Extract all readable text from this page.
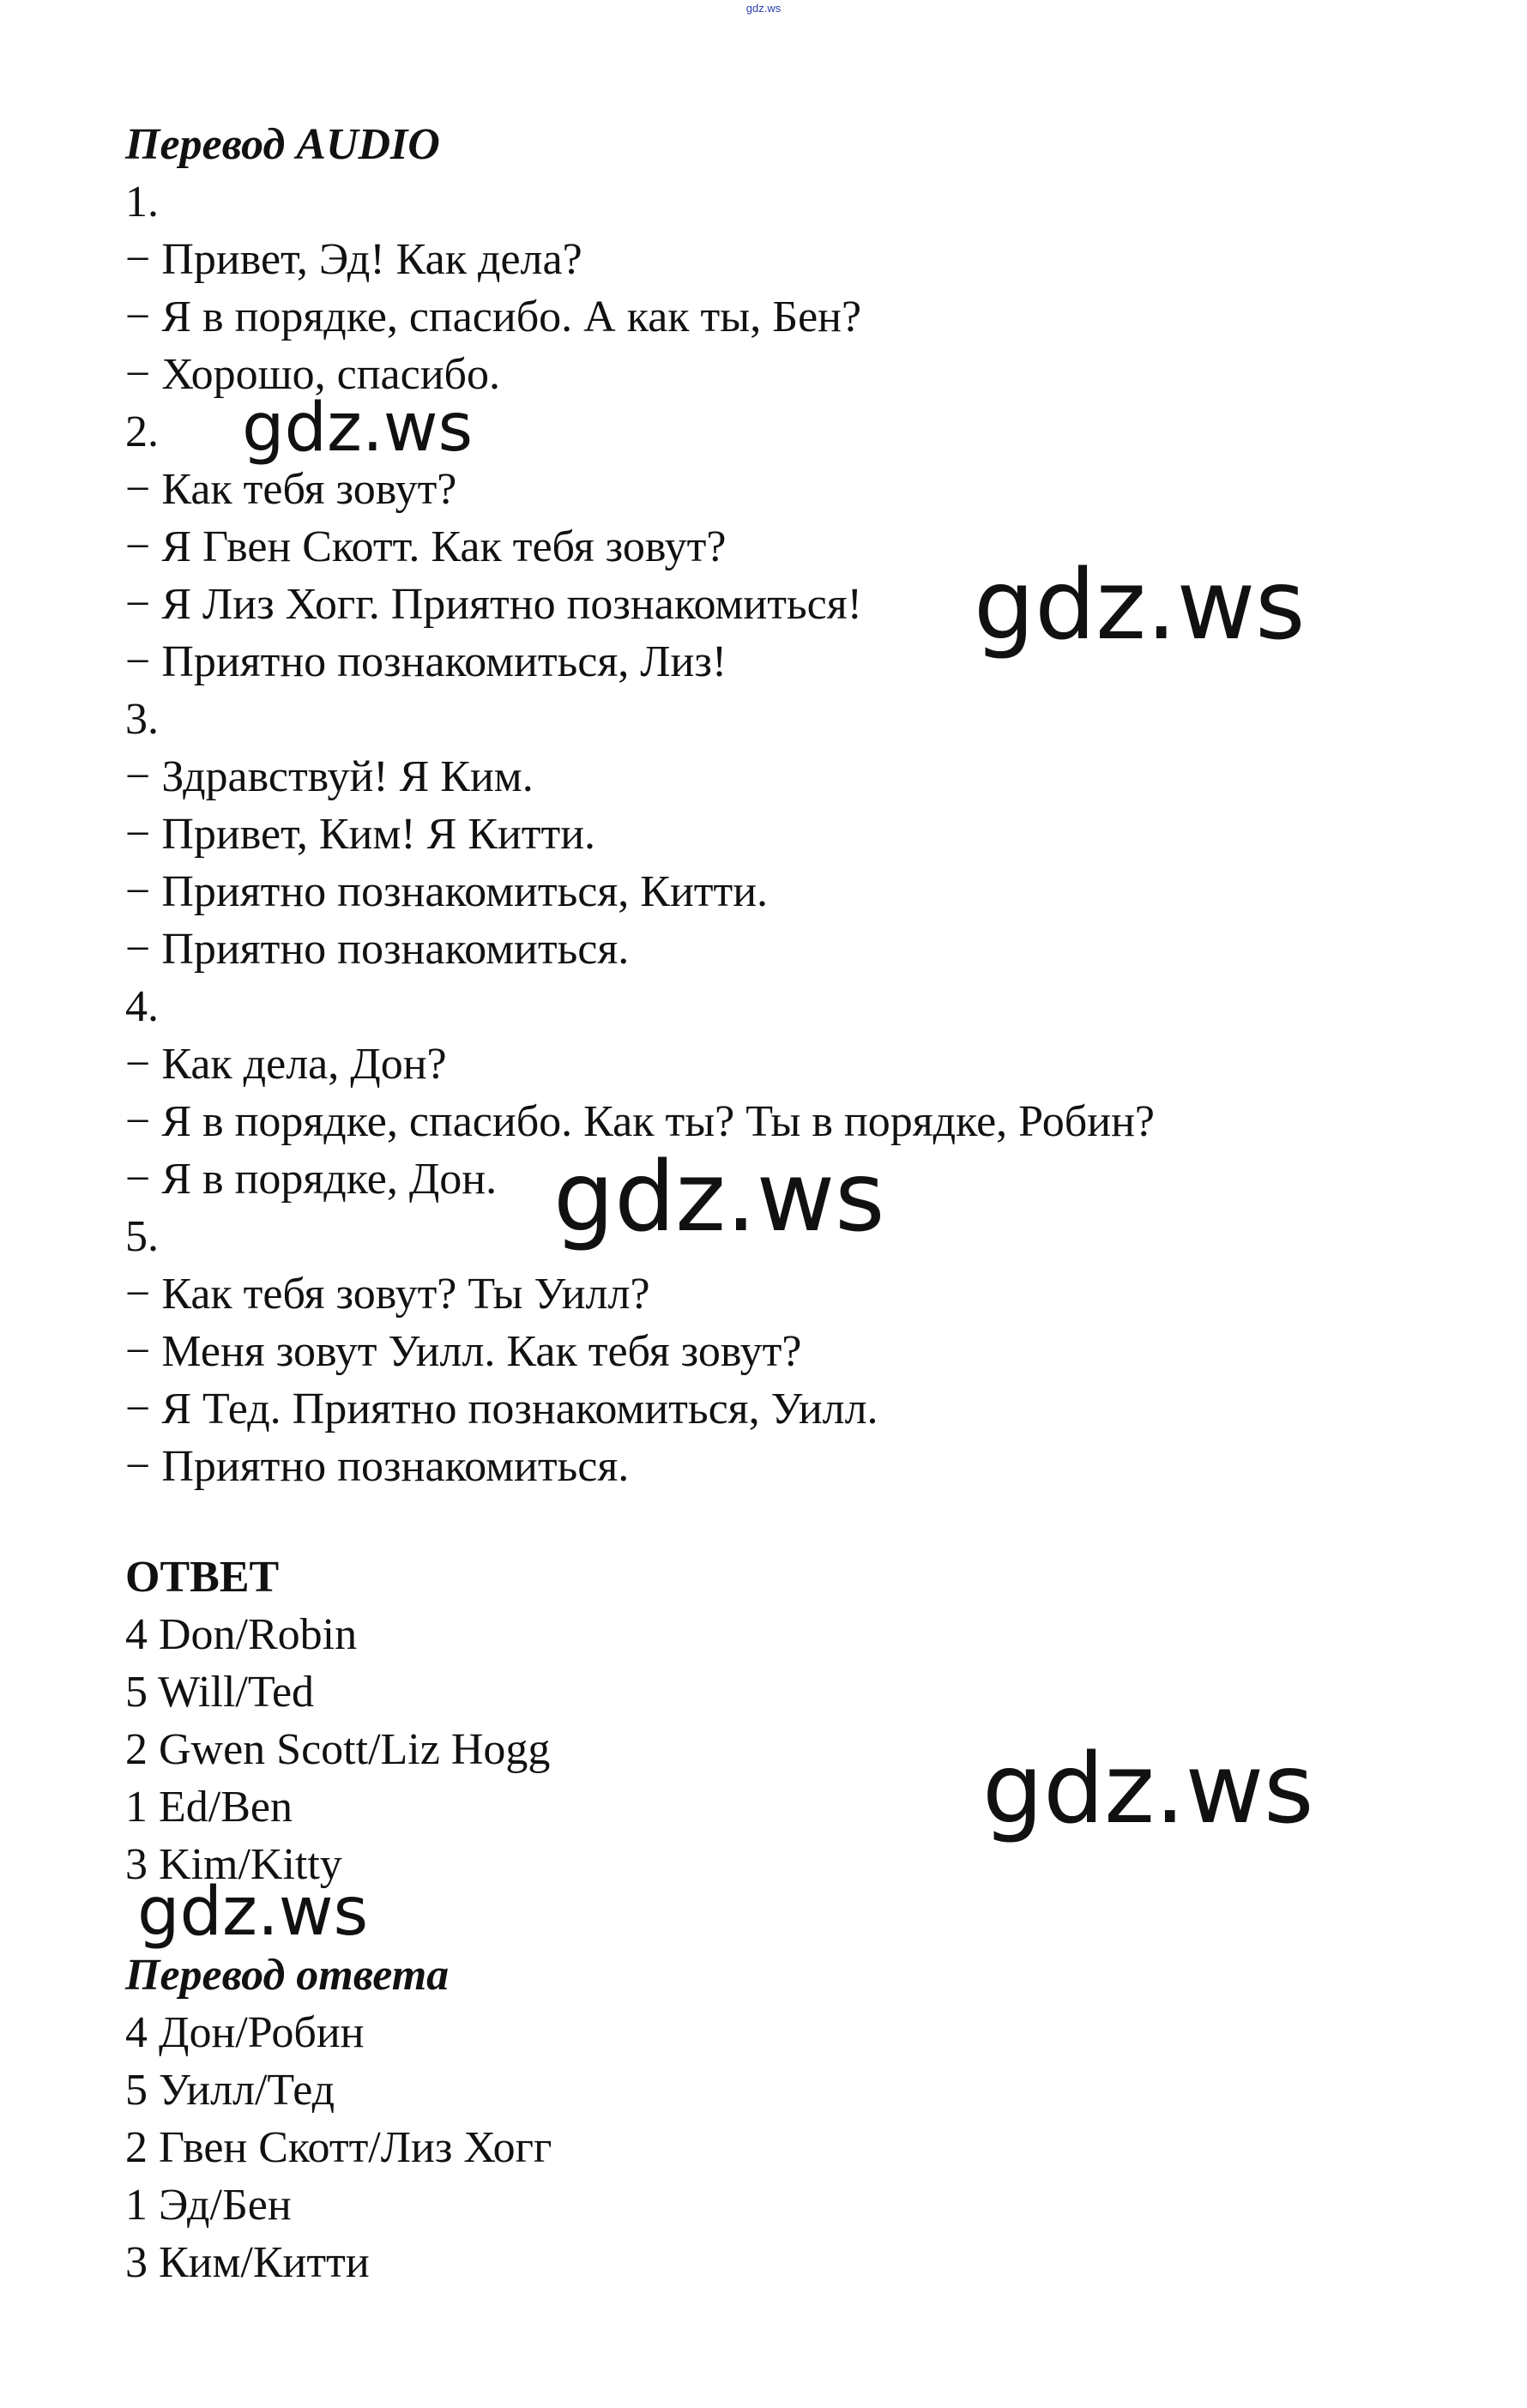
gdz.ws
Перевод AUDIO
1.
− Привет, Эд! Как дела?
− Я в порядке, спасибо. А как ты, Бен?
− Хорошо, спасибо.
2.
− Как тебя зовут?
− Я Гвен Скотт. Как тебя зовут?
− Я Лиз Хогг. Приятно познакомиться!
− Приятно познакомиться, Лиз!
3.
− Здравствуй! Я Ким.
− Привет, Ким! Я Китти.
− Приятно познакомиться, Китти.
− Приятно познакомиться.
4.
− Как дела, Дон?
− Я в порядке, спасибо. Как ты? Ты в порядке, Робин?
− Я в порядке, Дон.
5.
− Как тебя зовут? Ты Уилл?
− Меня зовут Уилл. Как тебя зовут?
− Я Тед. Приятно познакомиться, Уилл.
− Приятно познакомиться.
ОТВЕТ
4 Don/Robin
5 Will/Ted
2 Gwen Scott/Liz Hogg
1 Ed/Ben
3 Kim/Kitty
Перевод ответа
4 Дон/Робин
5 Уилл/Тед
2 Гвен Скотт/Лиз Хогг
1 Эд/Бен
3 Ким/Китти
gdz.ws
gdz.ws
gdz.ws
gdz.ws
gdz.ws
